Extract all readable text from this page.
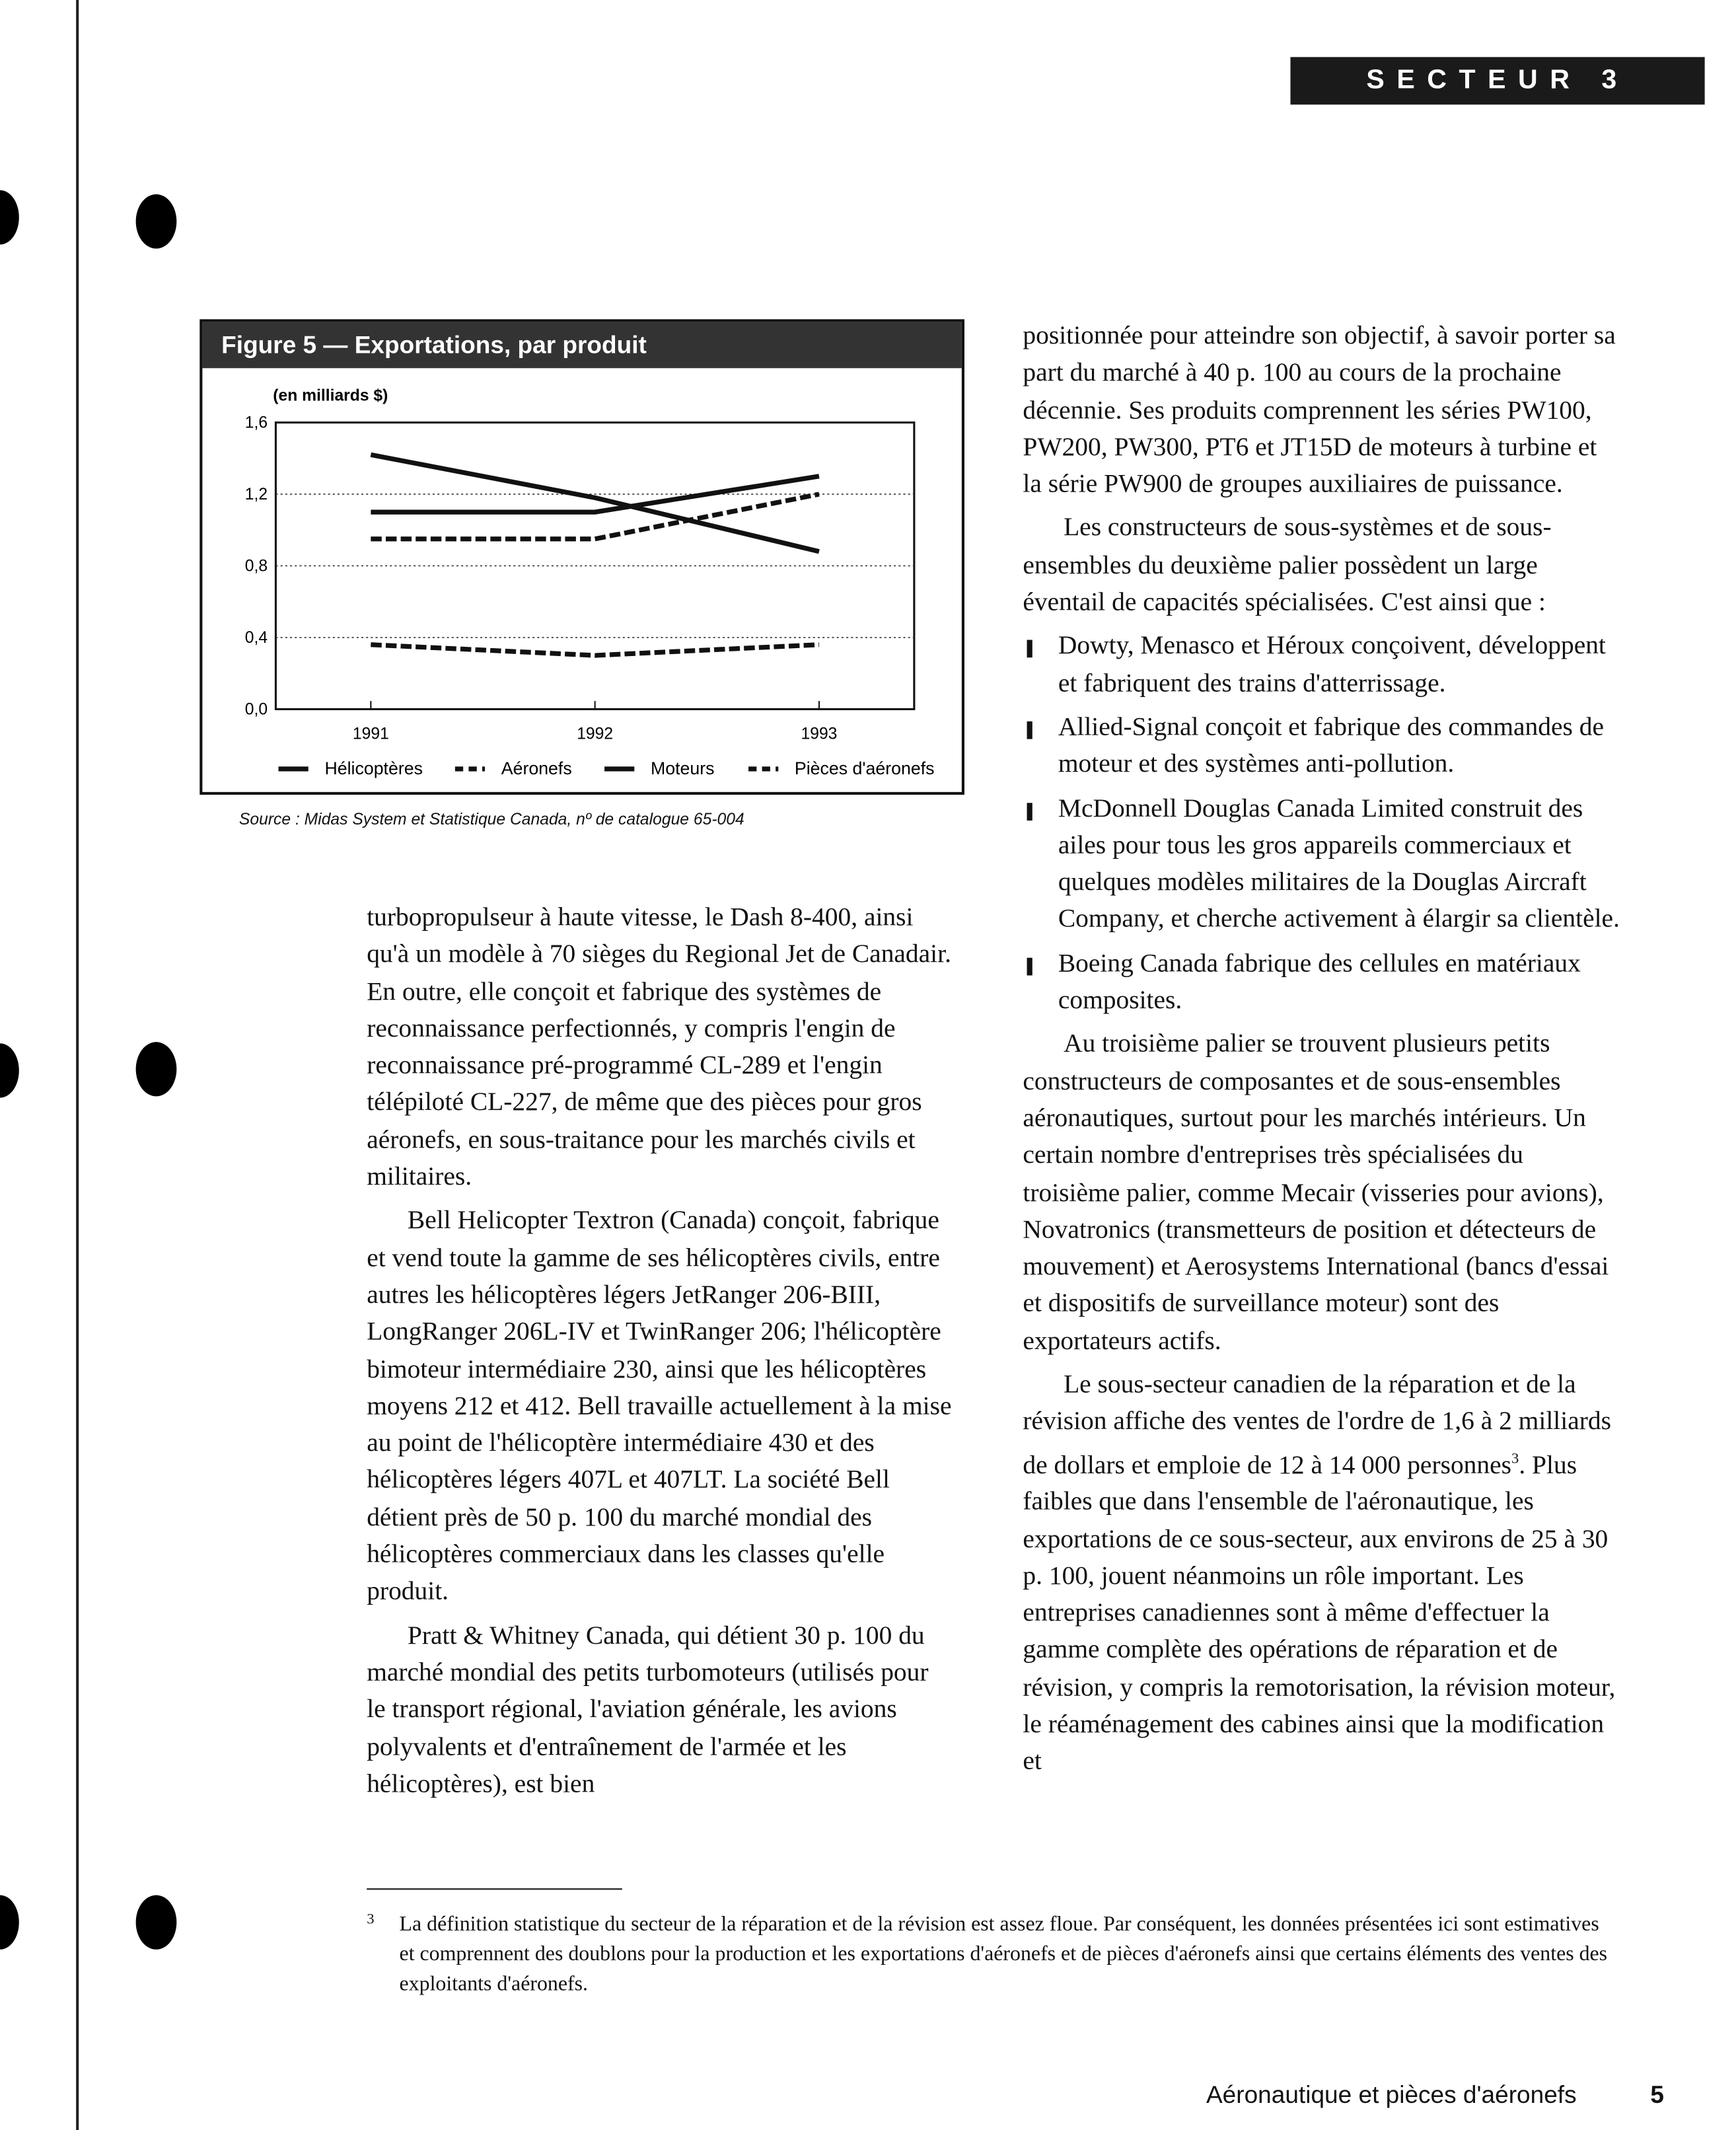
SECTEUR 3
Figure 5 — Exportations, par produit
(en milliards $)
0,0
0,4
0,8
1,2
1,6
1991	1992	1993
Hélicoptères	Aéronefs	Moteurs	Pièces d'aéronefs
Source : Midas System et Statistique Canada, nº de catalogue 65-004

turbopropulseur à haute vitesse, le Dash 8-400, ainsi qu'à un modèle à 70 sièges du Regional Jet de Canadair. En outre, elle conçoit et fabrique des systèmes de reconnaissance perfectionnés, y compris l'engin de reconnaissance pré-programmé CL-289 et l'engin télépiloté CL-227, de même que des pièces pour gros aéronefs, en sous-traitance pour les marchés civils et militaires.

Bell Helicopter Textron (Canada) conçoit, fabrique et vend toute la gamme de ses hélicoptères civils, entre autres les hélicoptères légers JetRanger 206-BIII, LongRanger 206L-IV et TwinRanger 206; l'hélicoptère bimoteur intermédiaire 230, ainsi que les hélicoptères moyens 212 et 412. Bell travaille actuellement à la mise au point de l'hélicoptère intermédiaire 430 et des hélicoptères légers 407L et 407LT. La société Bell détient près de 50 p. 100 du marché mondial des hélicoptères commerciaux dans les classes qu'elle produit.

Pratt & Whitney Canada, qui détient 30 p. 100 du marché mondial des petits turbomoteurs (utilisés pour le transport régional, l'aviation générale, les avions polyvalents et d'entraînement de l'armée et les hélicoptères), est bien

positionnée pour atteindre son objectif, à savoir porter sa part du marché à 40 p. 100 au cours de la prochaine décennie. Ses produits comprennent les séries PW100, PW200, PW300, PT6 et JT15D de moteurs à turbine et la série PW900 de groupes auxiliaires de puissance.

Les constructeurs de sous-systèmes et de sous-ensembles du deuxième palier possèdent un large éventail de capacités spécialisées. C'est ainsi que :

Dowty, Menasco et Héroux conçoivent, développent et fabriquent des trains d'atterrissage.
Allied-Signal conçoit et fabrique des commandes de moteur et des systèmes anti-pollution.
McDonnell Douglas Canada Limited construit des ailes pour tous les gros appareils commerciaux et quelques modèles militaires de la Douglas Aircraft Company, et cherche activement à élargir sa clientèle.
Boeing Canada fabrique des cellules en matériaux composites.

Au troisième palier se trouvent plusieurs petits constructeurs de composantes et de sous-ensembles aéronautiques, surtout pour les marchés intérieurs. Un certain nombre d'entreprises très spécialisées du troisième palier, comme Mecair (visseries pour avions), Novatronics (transmetteurs de position et détecteurs de mouvement) et Aerosystems International (bancs d'essai et dispositifs de surveillance moteur) sont des exportateurs actifs.

Le sous-secteur canadien de la réparation et de la révision affiche des ventes de l'ordre de 1,6 à 2 milliards de dollars et emploie de 12 à 14 000 personnes$^3$. Plus faibles que dans l'ensemble de l'aéronautique, les exportations de ce sous-secteur, aux environs de 25 à 30 p. 100, jouent néanmoins un rôle important. Les entreprises canadiennes sont à même d'effectuer la gamme complète des opérations de réparation et de révision, y compris la remotorisation, la révision moteur, le réaménagement des cabines ainsi que la modification et

3	La définition statistique du secteur de la réparation et de la révision est assez floue. Par conséquent, les données présentées ici sont estimatives et comprennent des doublons pour la production et les exportations d'aéronefs et de pièces d'aéronefs ainsi que certains éléments des ventes des exploitants d'aéronefs.
Aéronautique et pièces d'aéronefs	5
